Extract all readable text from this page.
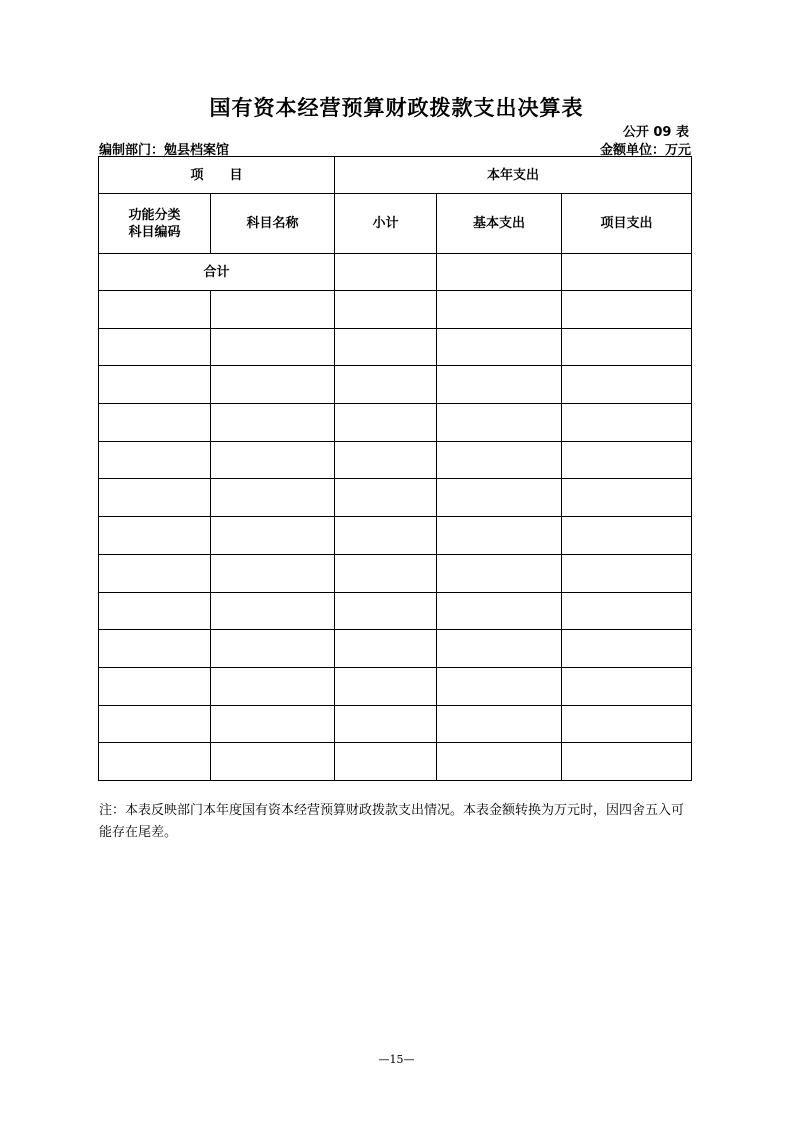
国有资本经营预算财政拨款支出决算表
公开 09 表
编制部门：勉县档案馆	金额单位：万元
项　　目		本年支出		

功能分类
科目编码	科目名称	小计	基本支出	项目支出
合计				

注：本表反映部门本年度国有资本经营预算财政拨款支出情况。本表金额转换为万元时，因四舍五入可能存在尾差。
—15—
